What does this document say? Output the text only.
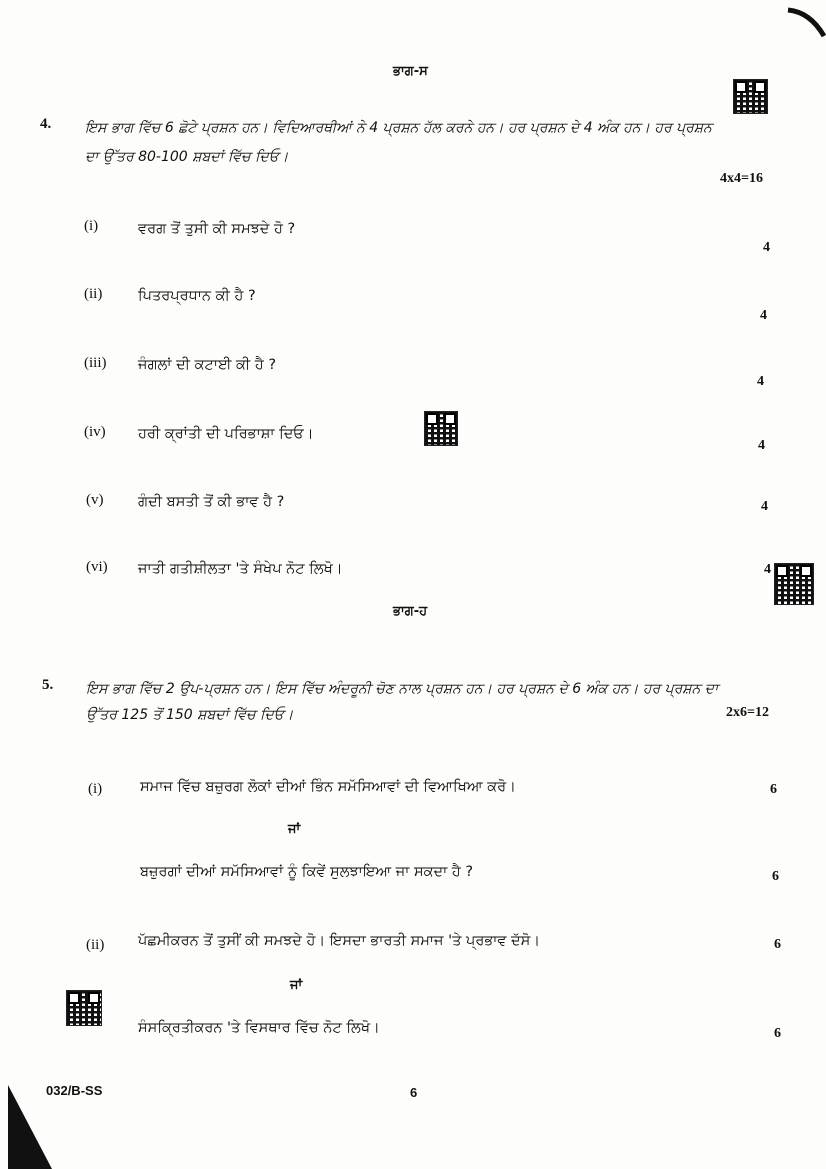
ਭਾਗ-ਸ
4. ਇਸ ਭਾਗ ਵਿੱਚ 6 ਛੋਟੇ ਪ੍ਰਸ਼ਨ ਹਨ। ਵਿਦਿਆਰਥੀਆਂ ਨੇ 4 ਪ੍ਰਸ਼ਨ ਹੱਲ ਕਰਨੇ ਹਨ। ਹਰ ਪ੍ਰਸ਼ਨ ਦੇ 4 ਅੰਕ ਹਨ। ਹਰ ਪ੍ਰਸ਼ਨ
ਦਾ ਉੱਤਰ 80-100 ਸ਼ਬਦਾਂ ਵਿੱਚ ਦਿਓ।
4x4=16
(i)	ਵਰਗ ਤੋਂ ਤੁਸੀ ਕੀ ਸਮਝਦੇ ਹੋ ?
4
(ii) ਪਿਤਰਪ੍ਰਧਾਨ ਕੀ ਹੈ ?
4
(iii) ਜੰਗਲਾਂ ਦੀ ਕਟਾਈ ਕੀ ਹੈ ?
4
(iv) ਹਰੀ ਕ੍ਰਾਂਤੀ ਦੀ ਪਰਿਭਾਸ਼ਾ ਦਿਓ।
4
(v) ਗੰਦੀ ਬਸਤੀ ਤੋਂ ਕੀ ਭਾਵ ਹੈ ?	4
(vi) ਜਾਤੀ ਗਤੀਸ਼ੀਲਤਾ 'ਤੇ ਸੰਖੇਪ ਨੋਟ ਲਿਖੋ।	4
ਭਾਗ-ਹ
5. ਇਸ ਭਾਗ ਵਿੱਚ 2 ਉਪ-ਪ੍ਰਸ਼ਨ ਹਨ। ਇਸ ਵਿੱਚ ਅੰਦਰੂਨੀ ਚੋਣ ਨਾਲ ਪ੍ਰਸ਼ਨ ਹਨ। ਹਰ ਪ੍ਰਸ਼ਨ ਦੇ 6 ਅੰਕ ਹਨ। ਹਰ ਪ੍ਰਸ਼ਨ ਦਾ
ਉੱਤਰ 125 ਤੋਂ 150 ਸ਼ਬਦਾਂ ਵਿੱਚ ਦਿਓ।	2x6=12
(i)	ਸਮਾਜ ਵਿੱਚ ਬਜ਼ੁਰਗ ਲੋਕਾਂ ਦੀਆਂ ਭਿੰਨ ਸਮੱਸਿਆਵਾਂ ਦੀ ਵਿਆਖਿਆ ਕਰੋ।	6
ਜਾਂ
ਬਜ਼ੁਰਗਾਂ ਦੀਆਂ ਸਮੱਸਿਆਵਾਂ ਨੂੰ ਕਿਵੇਂ ਸੁਲਝਾਇਆ ਜਾ ਸਕਦਾ ਹੈ ?	6
(ii) ਪੱਛਮੀਕਰਨ ਤੋਂ ਤੁਸੀਂ ਕੀ ਸਮਝਦੇ ਹੋ। ਇਸਦਾ ਭਾਰਤੀ ਸਮਾਜ 'ਤੇ ਪ੍ਰਭਾਵ ਦੱਸੋ।	6
ਜਾਂ
ਸੰਸਕ੍ਰਿਤੀਕਰਨ 'ਤੇ ਵਿਸਥਾਰ ਵਿੱਚ ਨੋਟ ਲਿਖੋ।	6
032/B-SS	6
